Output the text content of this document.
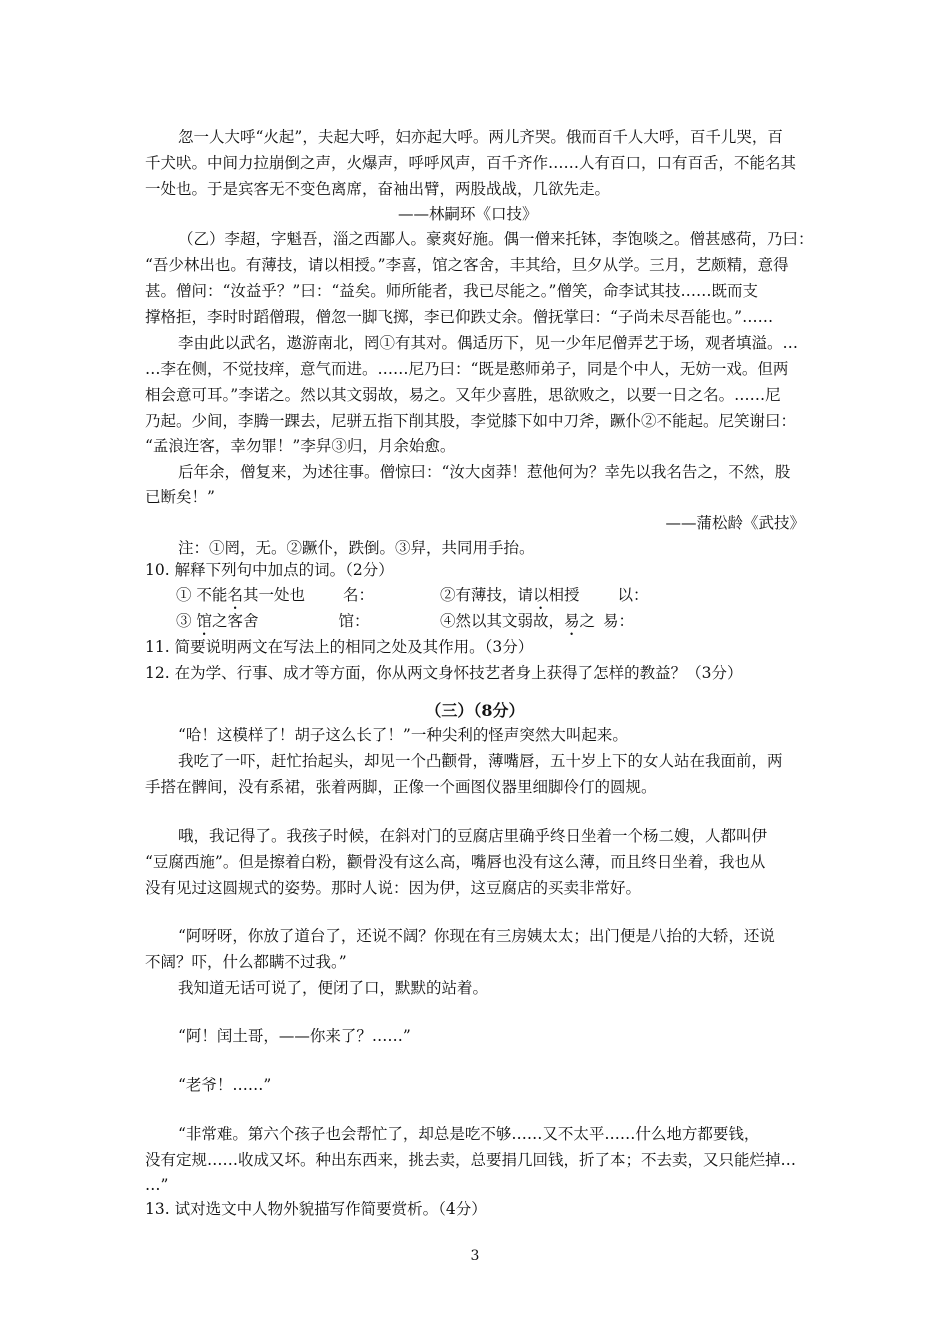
忽一人大呼“火起”，夫起大呼，妇亦起大呼。两儿齐哭。俄而百千人大呼，百千儿哭，百
千犬吠。中间力拉崩倒之声，火爆声，呼呼风声，百千齐作……人有百口，口有百舌，不能名其
一处也。于是宾客无不变色离席，奋袖出臂，两股战战，几欲先走。
——林嗣环《口技》
（乙）李超，字魁吾，淄之西鄙人。豪爽好施。偶一僧来托钵，李饱啖之。僧甚感荷，乃曰：
“吾少林出也。有薄技，请以相授。”李喜，馆之客舍，丰其给，旦夕从学。三月，艺颇精，意得
甚。僧问：“汝益乎？”曰：“益矣。师所能者，我已尽能之。”僧笑，命李试其技……既而支
撑格拒，李时时蹈僧瑕，僧忽一脚飞掷，李已仰跌丈余。僧抚掌曰：“子尚未尽吾能也。”……
李由此以武名，遨游南北，罔①有其对。偶适历下，见一少年尼僧弄艺于场，观者填溢。…
…李在侧，不觉技痒，意气而进。……尼乃曰：“既是憨师弟子，同是个中人，无妨一戏。但两
相会意可耳。”李诺之。然以其文弱故，易之。又年少喜胜，思欲败之，以要一日之名。……尼
乃起。少间，李腾一踝去，尼骈五指下削其股，李觉膝下如中刀斧，蹶仆②不能起。尼笑谢曰：
“孟浪迕客，幸勿罪！”李舁③归，月余始愈。
后年余，僧复来，为述往事。僧惊曰：“汝大卤莽！惹他何为？幸先以我名告之，不然，股
已断矣！”
——蒲松龄《武技》
注：①罔，无。②蹶仆，跌倒。③舁，共同用手抬。
10. 解释下列句中加点的词。（2分）
① 不能名其一处也 名：	②有薄技，请以相授 以：
③ 馆之客舍	馆：	④然以其文弱故，易之 易：
11. 简要说明两文在写法上的相同之处及其作用。（3分）
12. 在为学、行事、成才等方面，你从两文身怀技艺者身上获得了怎样的教益？（3分）
（三）（8分）
“哈！这模样了！胡子这么长了！”一种尖利的怪声突然大叫起来。
我吃了一吓，赶忙抬起头，却见一个凸颧骨，薄嘴唇，五十岁上下的女人站在我面前，两
手搭在髀间，没有系裙，张着两脚，正像一个画图仪器里细脚伶仃的圆规。
哦，我记得了。我孩子时候，在斜对门的豆腐店里确乎终日坐着一个杨二嫂，人都叫伊
“豆腐西施”。但是擦着白粉，颧骨没有这么高，嘴唇也没有这么薄，而且终日坐着，我也从
没有见过这圆规式的姿势。那时人说：因为伊，这豆腐店的买卖非常好。
“阿呀呀，你放了道台了，还说不阔？你现在有三房姨太太；出门便是八抬的大轿，还说
不阔？吓，什么都瞒不过我。”
我知道无话可说了，便闭了口，默默的站着。
“阿！闰土哥，——你来了？……”
“老爷！……”
“非常难。第六个孩子也会帮忙了，却总是吃不够……又不太平……什么地方都要钱，
没有定规……收成又坏。种出东西来，挑去卖，总要捐几回钱，折了本；不去卖，又只能烂掉…
…”
13. 试对选文中人物外貌描写作简要赏析。（4分）
3
